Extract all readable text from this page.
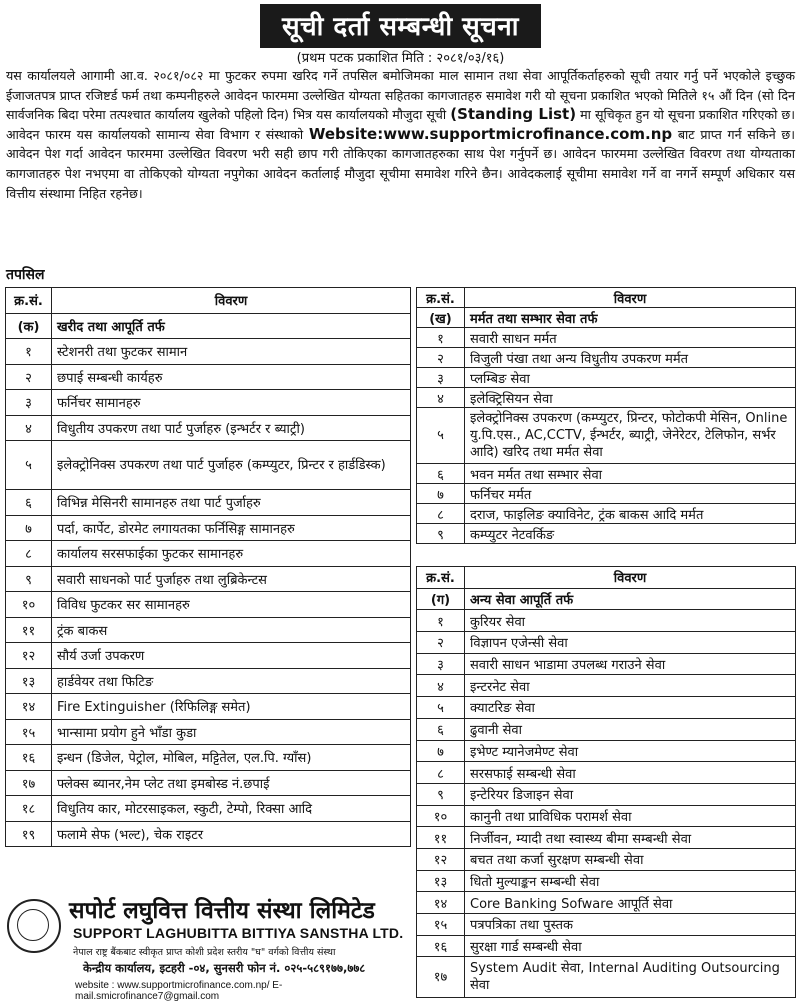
सूची दर्ता सम्बन्धी सूचना
(प्रथम पटक प्रकाशित मिति : २०८१/०३/१६)
यस कार्यालयले आगामी आ.व. २०८१/०८२ मा फुटकर रुपमा खरिद गर्ने तपसिल बमोजिमका माल सामान तथा सेवा आपूर्तिकर्ताहरुको सूची तयार गर्नु पर्ने भएकोले इच्छुक ईजाजतपत्र प्राप्त रजिष्टर्ड फर्म तथा कम्पनीहरुले आवेदन फारममा उल्लेखित योग्यता सहितका कागजातहरु समावेश गरी यो सूचना प्रकाशित भएको मितिले १५ औं दिन (सो दिन सार्वजनिक बिदा परेमा तत्पश्चात कार्यालय खुलेको पहिलो दिन) भित्र यस कार्यालयको मौजुदा सूची (Standing List) मा सूचिकृत हुन यो सूचना प्रकाशित गरिएको छ। आवेदन फारम यस कार्यालयको सामान्य सेवा विभाग र संस्थाको Website:www.supportmicrofinance.com.np बाट प्राप्त गर्न सकिने छ। आवेदन पेश गर्दा आवेदन फारममा उल्लेखित विवरण भरी सही छाप गरी तोकिएका कागजातहरुका साथ पेश गर्नुपर्ने छ। आवेदन फारममा उल्लेखित विवरण तथा योग्यताका कागजातहरु पेश नभएमा वा तोकिएको योग्यता नपुगेका आवेदन कर्तालाई मौजुदा सूचीमा समावेश गरिने छैन। आवेदकलाई सूचीमा समावेश गर्ने वा नगर्ने सम्पूर्ण अधिकार यस वित्तीय संस्थामा निहित रहनेछ।
तपसिल
क्र.सं.	विवरण
(क)	खरीद तथा आपूर्ति तर्फ
१	स्टेशनरी तथा फुटकर सामान
२	छपाई सम्बन्धी कार्यहरु
३	फर्निचर सामानहरु
४	विधुतीय उपकरण तथा पार्ट पुर्जाहरु (इन्भर्टर र ब्याट्री)
५	इलेक्ट्रोनिक्स उपकरण तथा पार्ट पुर्जाहरु (कम्प्युटर, प्रिन्टर र हार्डडिस्क)
६	विभिन्न मेसिनरी सामानहरु तथा पार्ट पुर्जाहरु
७	पर्दा, कार्पेट, डोरमेट लगायतका फर्निसिङ्ग सामानहरु
८	कार्यालय सरसफाईका फुटकर सामानहरु
९	सवारी साधनको पार्ट पुर्जाहरु तथा लुब्रिकेन्टस
१०	विविध फुटकर सर सामानहरु
११	ट्रंक बाकस
१२	सौर्य उर्जा उपकरण
१३	हार्डवेयर तथा फिटिङ
१४	Fire Extinguisher (रिफिलिङ्ग समेत)
१५	भान्सामा प्रयोग हुने भाँडा कुडा
१६	इन्धन (डिजेल, पेट्रोल, मोबिल, मट्टितेल, एल.पि. ग्याँस)
१७	फ्लेक्स ब्यानर,नेम प्लेट तथा इमबोस्ड नं.छपाई
१८	विधुतिय कार, मोटरसाइकल, स्कुटी, टेम्पो, रिक्सा आदि
१९	फलामे सेफ (भल्ट), चेक राइटर
क्र.सं.	विवरण
(ख)	मर्मत तथा सम्भार सेवा तर्फ
१	सवारी साधन मर्मत
२	विजुली पंखा तथा अन्य विधुतीय उपकरण मर्मत
३	प्लम्बिङ सेवा
४	इलेक्ट्रिसियन सेवा
५	इलेक्ट्रोनिक्स उपकरण (कम्प्युटर, प्रिन्टर, फोटोकपी मेसिन, Online यु.पि.एस., AC,CCTV, ईन्भर्टर, ब्याट्री, जेनेरेटर, टेलिफोन, सर्भर आदि) खरिद तथा मर्मत सेवा
६	भवन मर्मत तथा सम्भार सेवा
७	फर्निचर मर्मत
८	दराज, फाइलिङ क्याविनेट, ट्रंक बाकस आदि मर्मत
९	कम्प्युटर नेटवर्किङ
क्र.सं.	विवरण
(ग)	अन्य सेवा आपूर्ति तर्फ
१	कुरियर सेवा
२	विज्ञापन एजेन्सी सेवा
३	सवारी साधन भाडामा उपलब्ध गराउने सेवा
४	इन्टरनेट सेवा
५	क्याटरिङ सेवा
६	ढुवानी सेवा
७	इभेण्ट म्यानेजमेण्ट सेवा
८	सरसफाई सम्बन्धी सेवा
९	इन्टेरियर डिजाइन सेवा
१०	कानुनी तथा प्राविधिक परामर्श सेवा
११	निर्जीवन, म्यादी तथा स्वास्थ्य बीमा सम्बन्धी सेवा
१२	बचत तथा कर्जा सुरक्षण सम्बन्धी सेवा
१३	धितो मुल्याङ्कन सम्बन्धी सेवा
१४	Core Banking Sofware आपूर्ति सेवा
१५	पत्रपत्रिका तथा पुस्तक
१६	सुरक्षा गार्ड सम्बन्धी सेवा
१७	System Audit सेवा, Internal Auditing Outsourcing सेवा
सपोर्ट लघुवित्त वित्तीय संस्था लिमिटेड
SUPPORT LAGHUBITTA BITTIYA SANSTHA LTD.
नेपाल राष्ट्र बैंकबाट स्वीकृत प्राप्त कोशी प्रदेश स्तरीय "घ" वर्गको वित्तीय संस्था
केन्द्रीय कार्यालय, इटहरी -०४, सुनसरी फोन नं. ०२५-५८९१७७,७७८
website : www.supportmicrofinance.com.np/ E-mail.smicrofinance7@gmail.com
